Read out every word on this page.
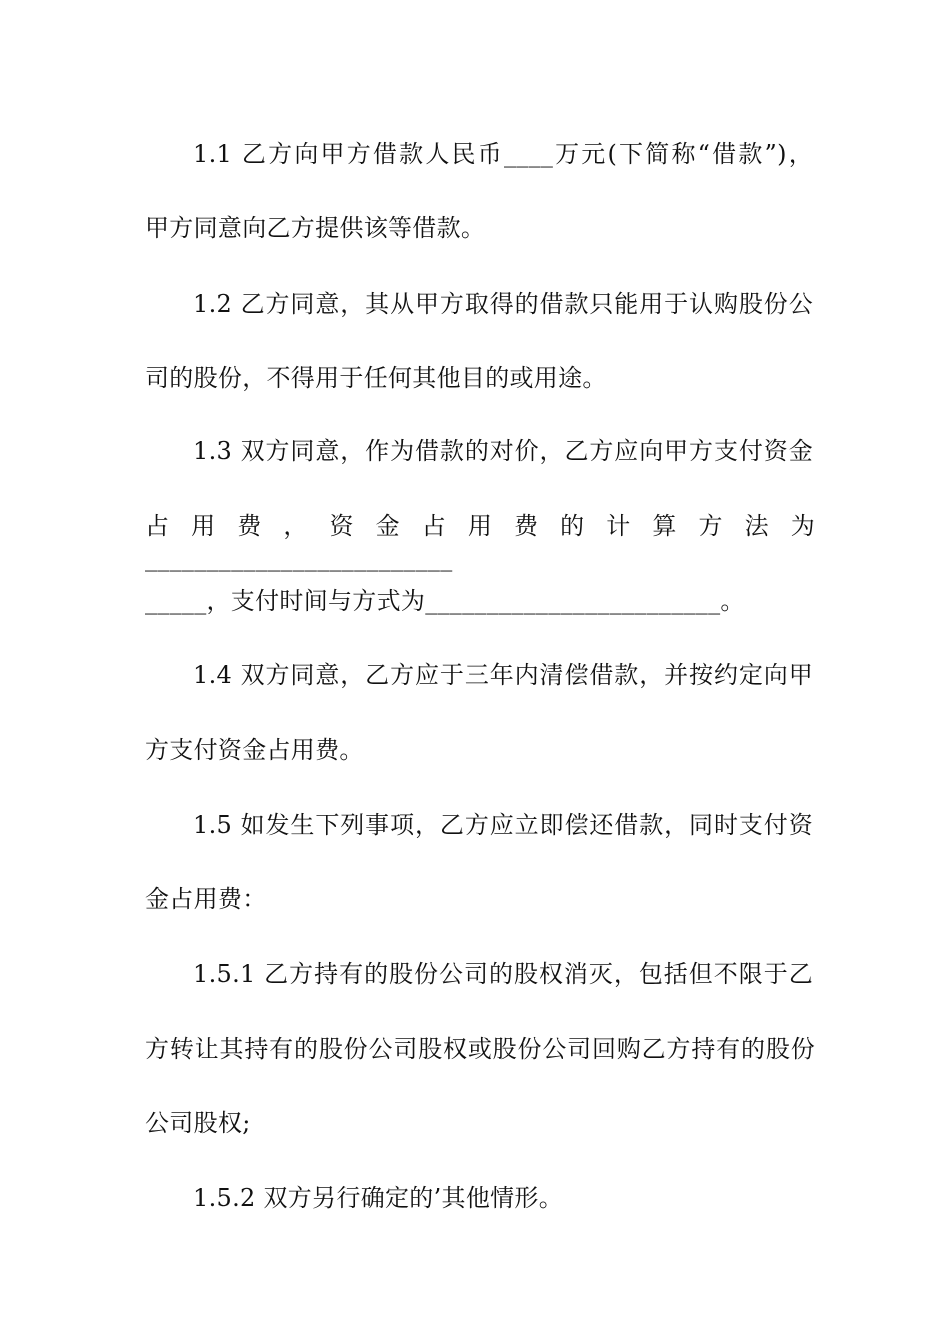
1.1 乙方向甲方借款人民币____万元(下简称“借款”)，
甲方同意向乙方提供该等借款。
1.2 乙方同意，其从甲方取得的借款只能用于认购股份公
司的股份，不得用于任何其他目的或用途。
1.3 双方同意，作为借款的对价，乙方应向甲方支付资金
占用费，资金占用费的计算方法为_________________________
_____，支付时间与方式为________________________。
1.4 双方同意，乙方应于三年内清偿借款，并按约定向甲
方支付资金占用费。
1.5 如发生下列事项，乙方应立即偿还借款，同时支付资
金占用费：
1.5.1 乙方持有的股份公司的股权消灭，包括但不限于乙
方转让其持有的股份公司股权或股份公司回购乙方持有的股份
公司股权;
1.5.2 双方另行确定的’其他情形。
